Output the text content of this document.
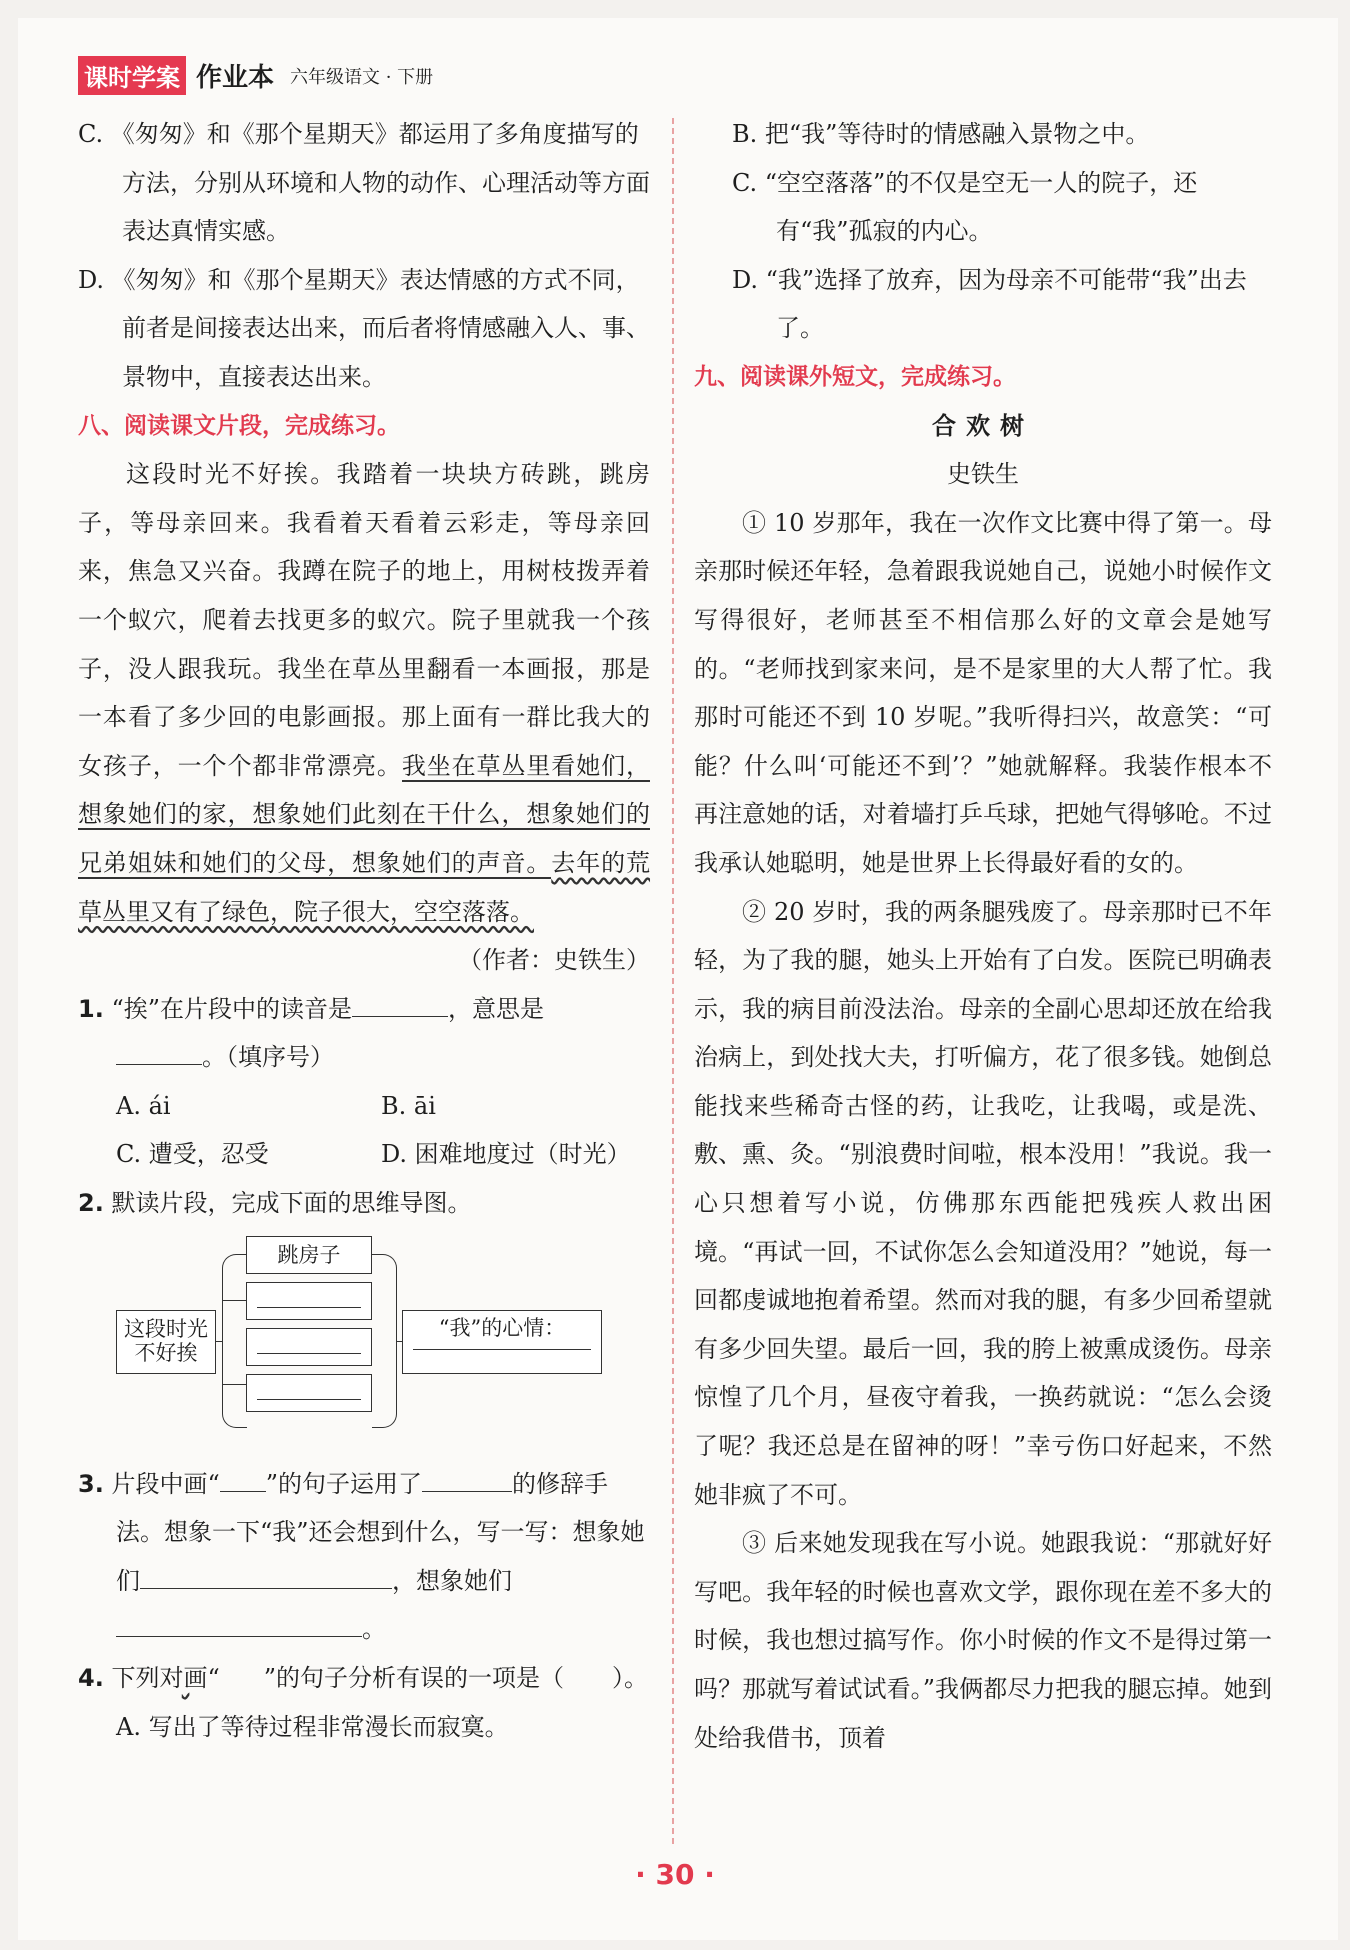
课时学案 作业本 六年级语文 · 下册

C. 《匆匆》和《那个星期天》都运用了多角度描写的方法，分别从环境和人物的动作、心理活动等方面表达真情实感。

D. 《匆匆》和《那个星期天》表达情感的方式不同，前者是间接表达出来，而后者将情感融入人、事、景物中，直接表达出来。

八、阅读课文片段，完成练习。

这段时光不好挨。我踏着一块块方砖跳，跳房子，等母亲回来。我看着天看着云彩走，等母亲回来，焦急又兴奋。我蹲在院子的地上，用树枝拨弄着一个蚁穴，爬着去找更多的蚁穴。院子里就我一个孩子，没人跟我玩。我坐在草丛里翻看一本画报，那是一本看了多少回的电影画报。那上面有一群比我大的女孩子，一个个都非常漂亮。我坐在草丛里看她们，想象她们的家，想象她们此刻在干什么，想象她们的兄弟姐妹和她们的父母，想象她们的声音。去年的荒草丛里又有了绿色，院子很大，空空落落。

（作者：史铁生）

1. “挨”在片段中的读音是	，意思是
。（填序号）

A. ái	B. āi
C. 遭受，忍受	D. 困难地度过（时光）

2. 默读片段，完成下面的思维导图。

这段时光不好挨
跳房子
“我”的心情：

3. 片段中画“ ”的句子运用了	的修辞手法。想象一下“我”还会想到什么，写一写：想象她们	，想象她们。

4. 下列对画“ ”的句子分析有误的一项是（　　）。

A. 写出了等待过程非常漫长而寂寞。

B. 把“我”等待时的情感融入景物之中。

C. “空空落落”的不仅是空无一人的院子，还有“我”孤寂的内心。

D. “我”选择了放弃，因为母亲不可能带“我”出去了。

九、阅读课外短文，完成练习。

合欢树

史铁生

① 10 岁那年，我在一次作文比赛中得了第一。母亲那时候还年轻，急着跟我说她自己，说她小时候作文写得很好，老师甚至不相信那么好的文章会是她写的。“老师找到家来问，是不是家里的大人帮了忙。我那时可能还不到 10 岁呢。”我听得扫兴，故意笑：“可能？什么叫‘可能还不到’？”她就解释。我装作根本不再注意她的话，对着墙打乒乓球，把她气得够呛。不过我承认她聪明，她是世界上长得最好看的女的。

② 20 岁时，我的两条腿残废了。母亲那时已不年轻，为了我的腿，她头上开始有了白发。医院已明确表示，我的病目前没法治。母亲的全副心思却还放在给我治病上，到处找大夫，打听偏方，花了很多钱。她倒总能找来些稀奇古怪的药，让我吃，让我喝，或是洗、敷、熏、灸。“别浪费时间啦，根本没用！”我说。我一心只想着写小说，仿佛那东西能把残疾人救出困境。“再试一回，不试你怎么会知道没用？”她说，每一回都虔诚地抱着希望。然而对我的腿，有多少回希望就有多少回失望。最后一回，我的胯上被熏成烫伤。母亲惊惶了几个月，昼夜守着我，一换药就说：“怎么会烫了呢？我还总是在留神的呀！”幸亏伤口好起来，不然她非疯了不可。

③ 后来她发现我在写小说。她跟我说：“那就好好写吧。我年轻的时候也喜欢文学，跟你现在差不多大的时候，我也想过搞写作。你小时候的作文不是得过第一吗？那就写着试试看。”我俩都尽力把我的腿忘掉。她到处给我借书，顶着

· 30 ·
